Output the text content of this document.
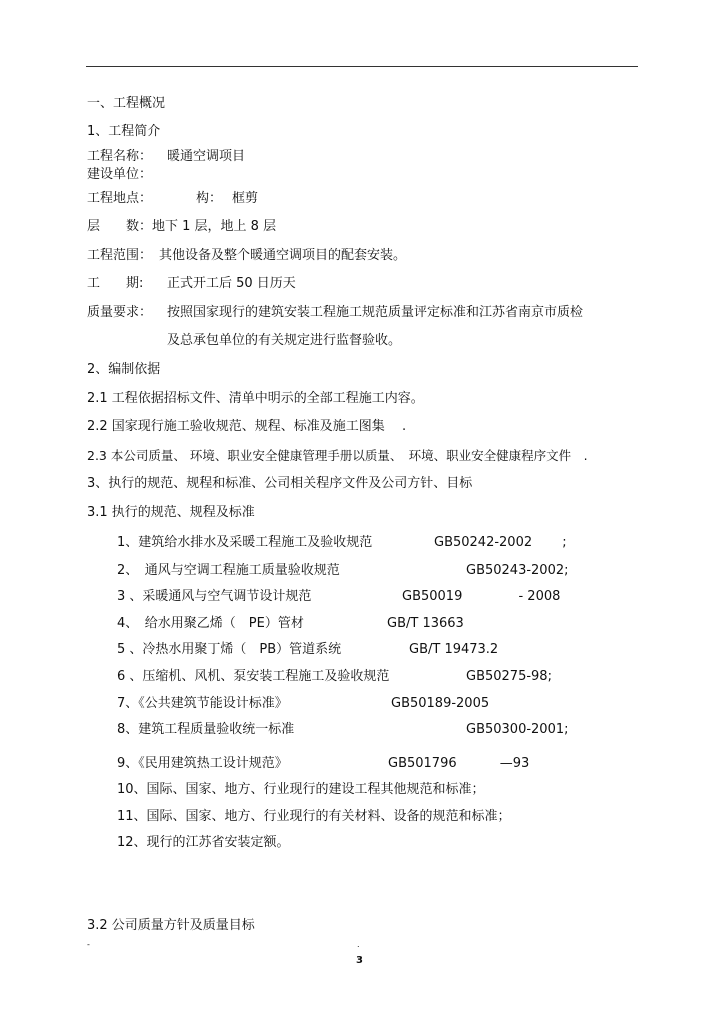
一、工程概况
1、工程简介
工程名称： 暖通空调项目
建设单位：
工程地点：	构： 框剪
层　　数：地下 1 层，地上 8 层
工程范围： 其他设备及整个暖通空调项目的配套安装。
工　　期: 正式开工后 50 日历天
质量要求： 按照国家现行的建筑安装工程施工规范质量评定标准和江苏省南京市质检
及总承包单位的有关规定进行监督验收。
2、编制依据
2.1 工程依据招标文件、清单中明示的全部工程施工内容。
2.2 国家现行施工验收规范、规程、标准及施工图集　 .
2.3 本公司质量、 环境、职业安全健康管理手册以质量、　环境、职业安全健康程序文件　.
3、执行的规范、规程和标准、公司相关程序文件及公司方针、目标
3.1 执行的规范、规程及标准
1、建筑给水排水及采暖工程施工及验收规范	GB50242-2002　　 ;
2、　通风与空调工程施工质量验收规范	GB50243-2002;
3 、采暖通风与空气调节设计规范	GB50019　　　　 - 2008
4、　给水用聚乙烯（　PE）管材	GB/T 13663
5 、冷热水用聚丁烯（　PB）管道系统	GB/T 19473.2
6 、压缩机、风机、泵安装工程施工及验收规范	GB50275-98;
7、《公共建筑节能设计标准》	GB50189-2005
8、建筑工程质量验收统一标准	GB50300-2001;
9、《民用建筑热工设计规范》	GB501796　　　 —93
10、国际、国家、地方、行业现行的建设工程其他规范和标准；
11、国际、国家、地方、行业现行的有关材料、设备的规范和标准；
12、现行的江苏省安装定额。
3.2 公司质量方针及质量目标
-	.
3
